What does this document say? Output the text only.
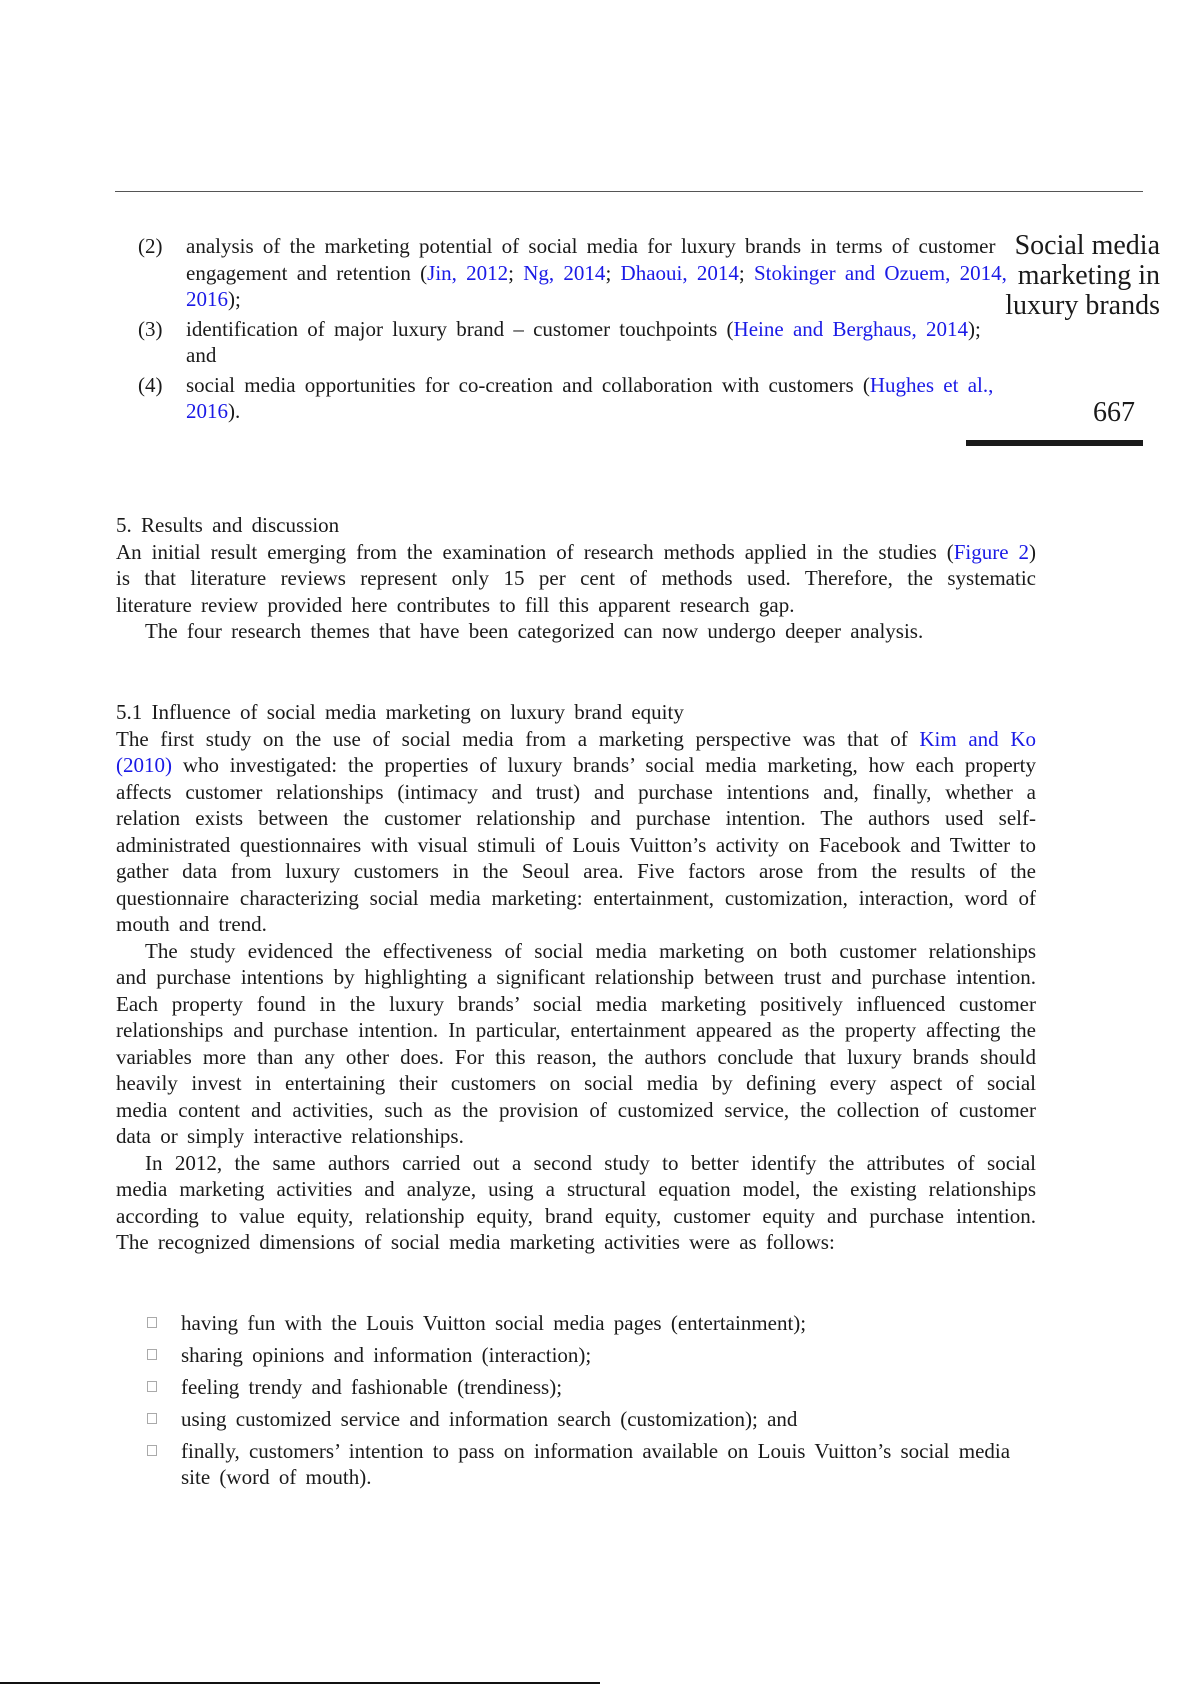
Social media
marketing in
luxury brands
667
(2) analysis of the marketing potential of social media for luxury brands in terms of customer engagement and retention (Jin, 2012; Ng, 2014; Dhaoui, 2014; Stokinger and Ozuem, 2014, 2016);
(3) identification of major luxury brand – customer touchpoints (Heine and Berghaus, 2014); and
(4) social media opportunities for co-creation and collaboration with customers (Hughes et al., 2016).
5. Results and discussion

An initial result emerging from the examination of research methods applied in the studies (Figure 2) is that literature reviews represent only 15 per cent of methods used. Therefore, the systematic literature review provided here contributes to fill this apparent research gap.

The four research themes that have been categorized can now undergo deeper analysis.

5.1 Influence of social media marketing on luxury brand equity

The first study on the use of social media from a marketing perspective was that of Kim and Ko (2010) who investigated: the properties of luxury brands’ social media marketing, how each property affects customer relationships (intimacy and trust) and purchase intentions and, finally, whether a relation exists between the customer relationship and purchase intention. The authors used self-administrated questionnaires with visual stimuli of Louis Vuitton’s activity on Facebook and Twitter to gather data from luxury customers in the Seoul area. Five factors arose from the results of the questionnaire characterizing social media marketing: entertainment, customization, interaction, word of mouth and trend.

The study evidenced the effectiveness of social media marketing on both customer relationships and purchase intentions by highlighting a significant relationship between trust and purchase intention. Each property found in the luxury brands’ social media marketing positively influenced customer relationships and purchase intention. In particular, entertainment appeared as the property affecting the variables more than any other does. For this reason, the authors conclude that luxury brands should heavily invest in entertaining their customers on social media by defining every aspect of social media content and activities, such as the provision of customized service, the collection of customer data or simply interactive relationships.

In 2012, the same authors carried out a second study to better identify the attributes of social media marketing activities and analyze, using a structural equation model, the existing relationships according to value equity, relationship equity, brand equity, customer equity and purchase intention. The recognized dimensions of social media marketing activities were as follows:

having fun with the Louis Vuitton social media pages (entertainment);
sharing opinions and information (interaction);
feeling trendy and fashionable (trendiness);
using customized service and information search (customization); and
finally, customers’ intention to pass on information available on Louis Vuitton’s social media site (word of mouth).
